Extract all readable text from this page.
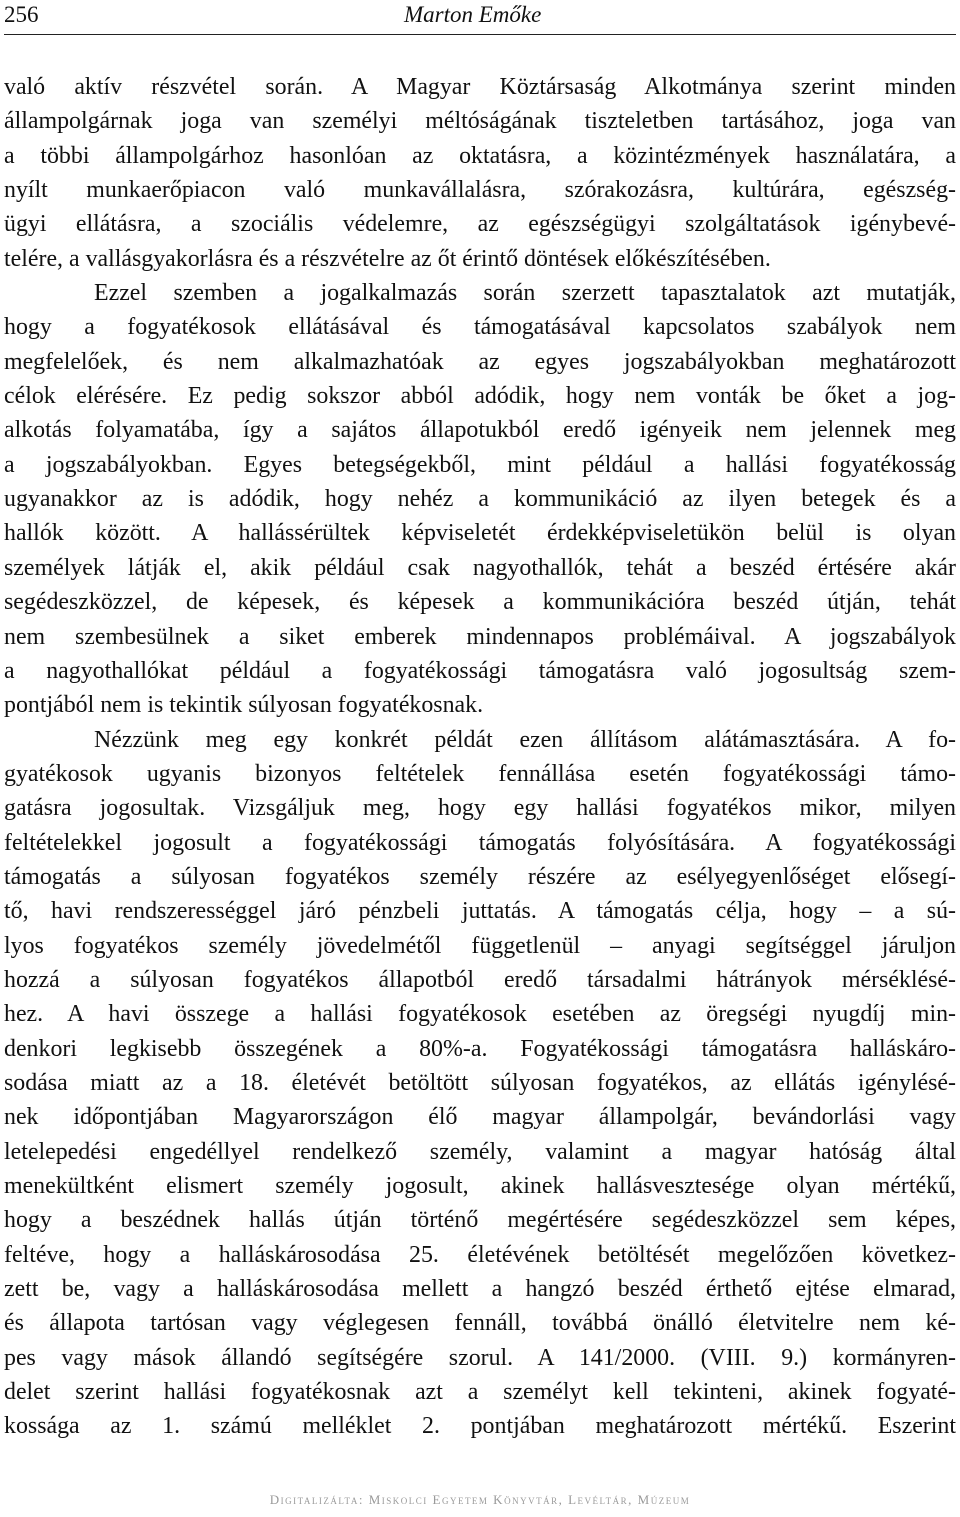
256	Marton Emőke
való aktív részvétel során. A Magyar Köztársaság Alkotmánya szerint minden
állampolgárnak joga van személyi méltóságának tiszteletben tartásához, joga van
a többi állampolgárhoz hasonlóan az oktatásra, a közintézmények használatára, a
nyílt munkaerőpiacon való munkavállalásra, szórakozásra, kultúrára, egészség-
ügyi ellátásra, a szociális védelemre, az egészségügyi szolgáltatások igénybevé-
telére, a vallásgyakorlásra és a részvételre az őt érintő döntések előkészítésében.
Ezzel szemben a jogalkalmazás során szerzett tapasztalatok azt mutatják,
hogy a fogyatékosok ellátásával és támogatásával kapcsolatos szabályok nem
megfelelőek, és nem alkalmazhatóak az egyes jogszabályokban meghatározott
célok elérésére. Ez pedig sokszor abból adódik, hogy nem vonták be őket a jog-
alkotás folyamatába, így a sajátos állapotukból eredő igényeik nem jelennek meg
a jogszabályokban. Egyes betegségekből, mint például a hallási fogyatékosság
ugyanakkor az is adódik, hogy nehéz a kommunikáció az ilyen betegek és a
hallók között. A hallássérültek képviseletét érdekképviseletükön belül is olyan
személyek látják el, akik például csak nagyothallók, tehát a beszéd értésére akár
segédeszközzel, de képesek, és képesek a kommunikációra beszéd útján, tehát
nem szembesülnek a siket emberek mindennapos problémáival. A jogszabályok
a nagyothallókat például a fogyatékossági támogatásra való jogosultság szem-
pontjából nem is tekintik súlyosan fogyatékosnak.
Nézzünk meg egy konkrét példát ezen állításom alátámasztására. A fo-
gyatékosok ugyanis bizonyos feltételek fennállása esetén fogyatékossági támo-
gatásra jogosultak. Vizsgáljuk meg, hogy egy hallási fogyatékos mikor, milyen
feltételekkel jogosult a fogyatékossági támogatás folyósítására. A fogyatékossági
támogatás a súlyosan fogyatékos személy részére az esélyegyenlőséget elősegí-
tő, havi rendszerességgel járó pénzbeli juttatás. A támogatás célja, hogy – a sú-
lyos fogyatékos személy jövedelmétől függetlenül – anyagi segítséggel járuljon
hozzá a súlyosan fogyatékos állapotból eredő társadalmi hátrányok mérséklésé-
hez. A havi összege a hallási fogyatékosok esetében az öregségi nyugdíj min-
denkori legkisebb összegének a 80%-a. Fogyatékossági támogatásra halláskáro-
sodása miatt az a 18. életévét betöltött súlyosan fogyatékos, az ellátás igénylésé-
nek időpontjában Magyarországon élő magyar állampolgár, bevándorlási vagy
letelepedési engedéllyel rendelkező személy, valamint a magyar hatóság által
menekültként elismert személy jogosult, akinek hallásvesztesége olyan mértékű,
hogy a beszédnek hallás útján történő megértésére segédeszközzel sem képes,
feltéve, hogy a halláskárosodása 25. életévének betöltését megelőzően következ-
zett be, vagy a halláskárosodása mellett a hangzó beszéd érthető ejtése elmarad,
és állapota tartósan vagy véglegesen fennáll, továbbá önálló életvitelre nem ké-
pes vagy mások állandó segítségére szorul. A 141/2000. (VIII. 9.) kormányren-
delet szerint hallási fogyatékosnak azt a személyt kell tekinteni, akinek fogyaté-
kossága az 1. számú melléklet 2. pontjában meghatározott mértékű. Eszerint
Digitalizálta: Miskolci Egyetem Könyvtár, Levéltár, Múzeum
